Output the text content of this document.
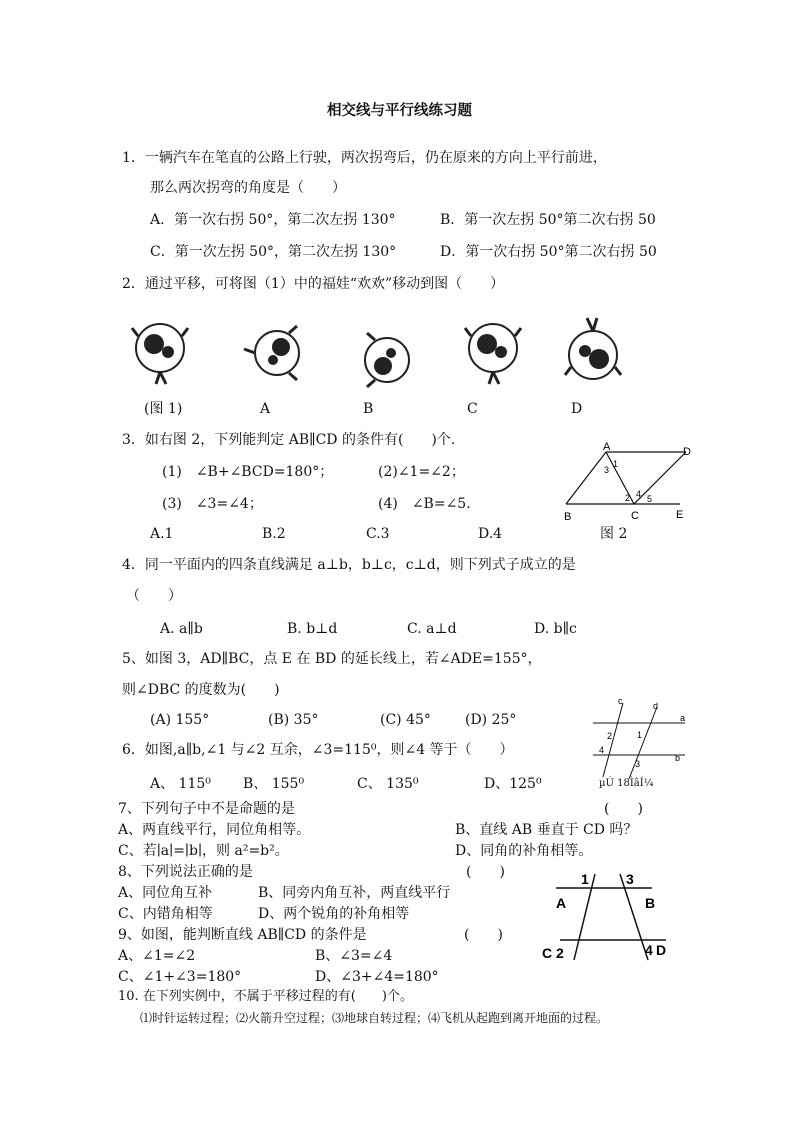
相交线与平行线练习题
1．一辆汽车在笔直的公路上行驶，两次拐弯后，仍在原来的方向上平行前进，
那么两次拐弯的角度是（　　）
A．第一次右拐 50°，第二次左拐 130°	B．第一次左拐 50°第二次右拐 50
C．第一次左拐 50°，第二次左拐 130°	D．第一次右拐 50°第二次右拐 50
2．通过平移，可将图（1）中的福娃“欢欢”移动到图（　　）
(图 1)	A	B	C	D
3．如右图 2，下列能判定 AB∥CD 的条件有(　　)个.
(1)　∠B+∠BCD=180°；	(2)∠1=∠2；
(3)　∠3=∠4；	(4)　∠B=∠5.
A.1	B.2	C.3	D.4
A	D
B	C	E
1
2
3
4 5
图 2
4．同一平面内的四条直线满足 a⊥b，b⊥c，c⊥d，则下列式子成立的是
（　　）
A. a∥b	B. b⊥d	C. a⊥d	D. b∥c
5、如图 3，AD∥BC，点 E 在 BD 的延长线上，若∠ADE=155°，
则∠DBC 的度数为(　　)
(A) 155°	(B) 35°	(C) 45° (D) 25°
6．如图,a∥b,∠1 与∠2 互余，∠3=115⁰，则∠4 等于（　　）
A、 115⁰ B、 155⁰	C、 135⁰	D、125⁰
c	d
a
b
1
2
3
4
µÚ 18ÌâÍ¼
7、下列句子中不是命题的是	(　　)
A、两直线平行，同位角相等。	B、直线 AB 垂直于 CD 吗？
C、若∣a∣=∣b∣，则 a²=b²。	D、同角的补角相等。
8、下列说法正确的是	(　　)
A、同位角互补	B、同旁内角互补，两直线平行
C、内错角相等	D、两个锐角的补角相等
9、如图，能判断直线 AB∥CD 的条件是	(　　)
A、∠1=∠2	B、∠3=∠4
C、∠1+∠3=180°	D、∠3+∠4=180°
1	3
A	B
C 2	4 D
10. 在下列实例中，不属于平移过程的有(　　)个。
⑴时针运转过程；⑵火箭升空过程；⑶地球自转过程；⑷飞机从起跑到离开地面的过程。
